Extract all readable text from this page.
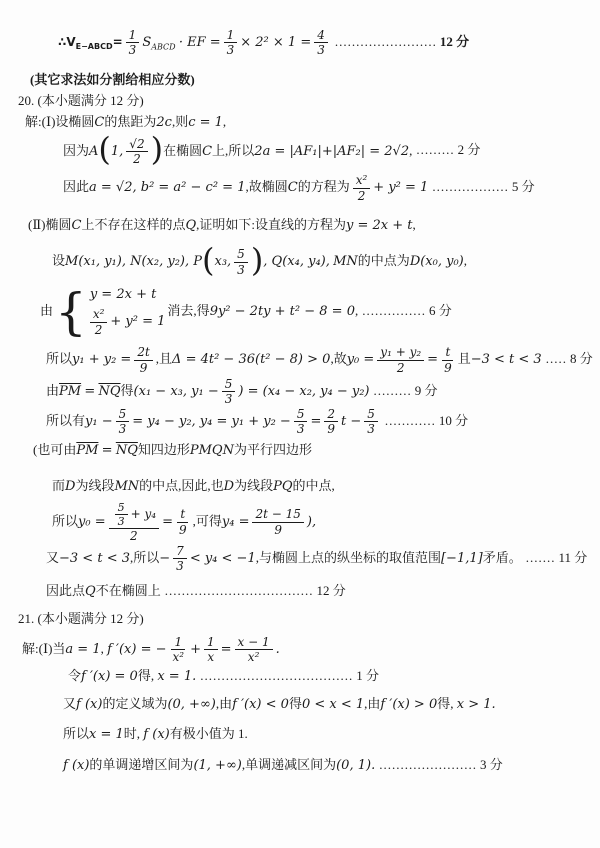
$\therefore V_{E-ABCD}= \frac{1}{3} S_{ABCD}$ · EF = $\frac{1}{3} \times 2^2 \times 1 = \frac{4}{3}$ ........................ 12 分
(其它求法如分割给相应分数)
20. (本小题满分 12 分)
解:(Ⅰ)设椭圆C的焦距为2c,则c = 1,
因为A(1, $\frac{√2}{2}$ )在椭圆C上,所以2a = |AF₁|+|AF₂| = 2√2, ......... 2 分
因此a = √2, b² = a² − c² = 1,故椭圆C的方程为 $\frac{\text{x²}}{2} + y^2 = 1$ .................. 5 分
(Ⅱ)椭圆C上不存在这样的点Q,证明如下:设直线的方程为y = 2x + t,
设M(x₁, y₁), N(x₂, y₂), P(x₃, $\frac{5}{3}$ ), Q(x₄, y₄), MN的中点为D(x₀, y₀),
由 { y = 2x + t
$\frac{\text{x²}}{2} + y^2 = 1$
消去,得9y² − 2ty + t² − 8 = 0, ............... 6 分
所以$y_1 + y_2 = \frac{2t}{9}$ ,且Δ = 4t² − 36(t² − 8) > 0,故$y_0 = \frac{\text{y₁ + y₂}}{2} = \frac{t}{9}$ 且−3 < t < 3 ..... 8 分
由$\overline{PM} = \overline{NQ}$得(x₁ − x₃, $y_1 - \frac{5}{3}$ ) = (x₄ − x₂, y₄ − y₂) ......... 9 分
所以有$y_1 - \frac{5}{3} = y_4 - y_2$, $y_4 = y_1 + y_2 - \frac{5}{3} = \frac{2}{9}$ $t - \frac{5}{3}$ ............ 10 分
(也可由$\overline{PM} = \overline{NQ}$知四边形PMQN为平行四边形
而D为线段MN的中点,因此,也D为线段PQ的中点,
所以$y_0 = \frac{\frac{5}{3} + y_4}{2} = \frac{t}{9}$ ,可得$y_4 = \frac{2t - 15}{9}$ ),
又−3 < t < 3,所以− $\frac{7}{3} < y_4 < -1$,与椭圆上点的纵坐标的取值范围[−1,1]矛盾。 ....... 11 分
因此点Q不在椭圆上 ................................... 12 分
21. (本小题满分 12 分)
解:(Ⅰ)当a = 1, f ′(x) = − $\frac{1}{\text{x²}} + \frac{1}{x} = \frac{x - 1}{\text{x²}}$ .
令f ′(x) = 0得, x = 1. .................................... 1 分
又f (x)的定义域为(0, +∞),由f ′(x) < 0得0 < x < 1,由f ′(x) > 0得, x > 1.
所以x = 1时, f (x)有极小值为 1.
f (x)的单调递增区间为(1, +∞),单调递减区间为(0, 1). ....................... 3 分
